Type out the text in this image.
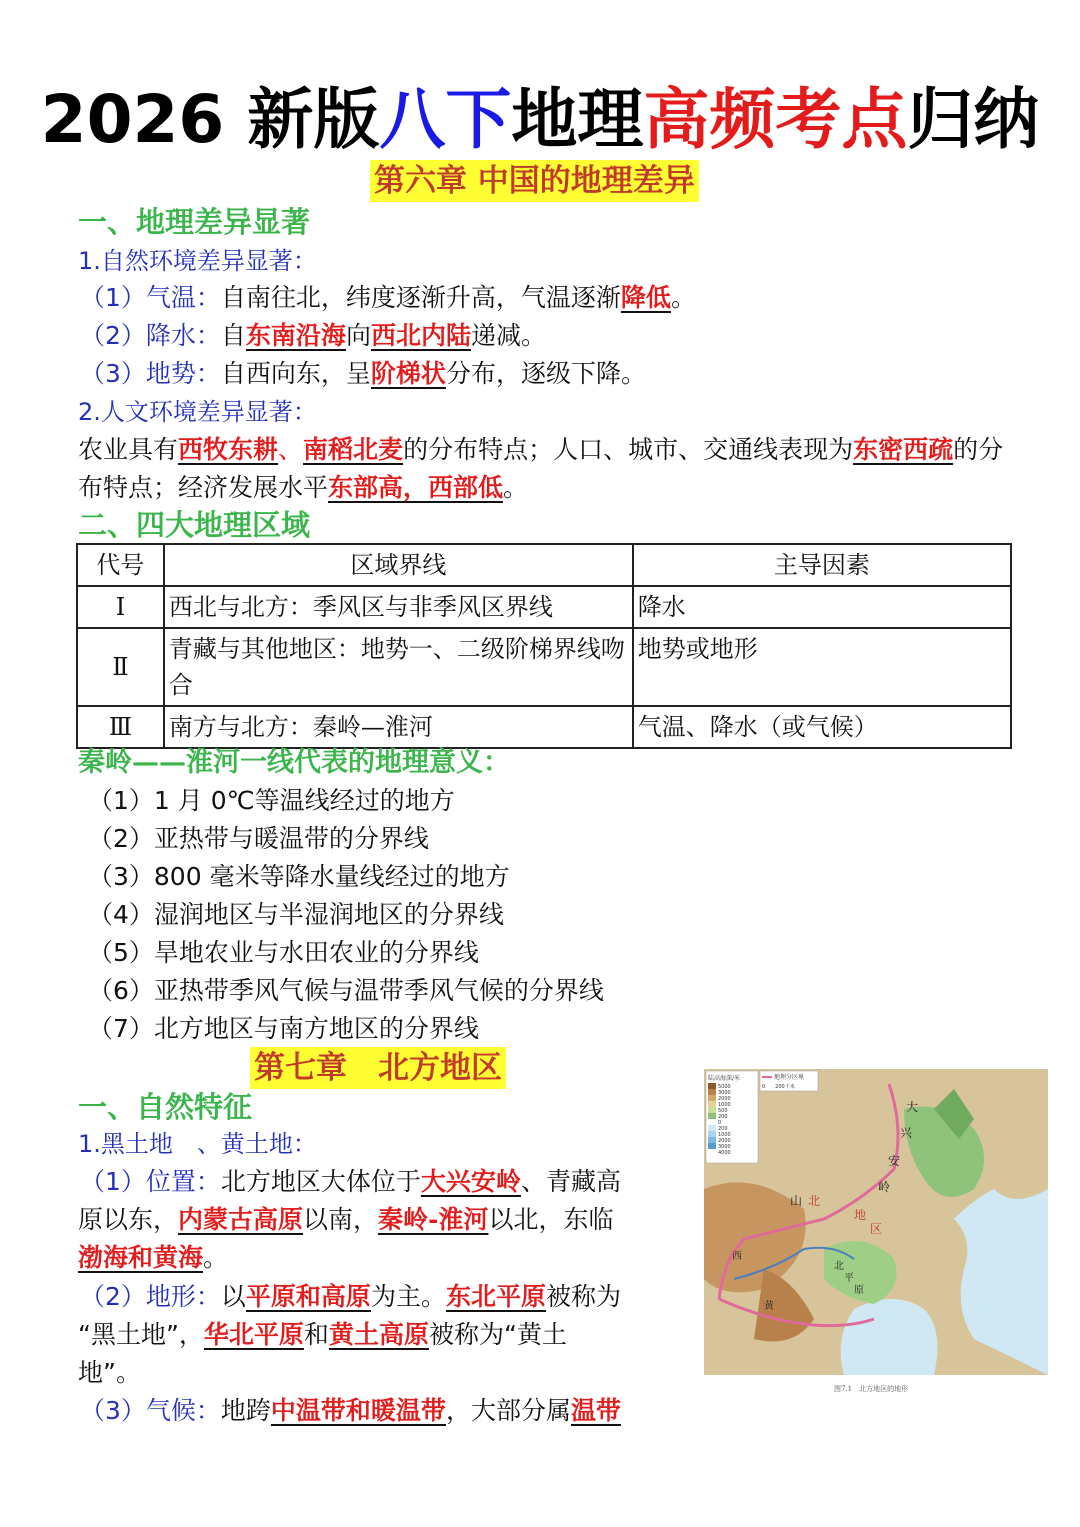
2026 新版八下地理高频考点归纳
第六章 中国的地理差异
一、地理差异显著
1.自然环境差异显著：
（1）气温：自南往北，纬度逐渐升高，气温逐渐降低。
（2）降水：自东南沿海向西北内陆递减。
（3）地势：自西向东，呈阶梯状分布，逐级下降。
2.人文环境差异显著：
农业具有西牧东耕、南稻北麦的分布特点；人口、城市、交通线表现为东密西疏的分布特点；经济发展水平东部高，西部低。
二、四大地理区域
代号	区域界线	主导因素
Ⅰ	西北与北方：季风区与非季风区界线	降水
Ⅱ	青藏与其他地区：地势一、二级阶梯界线吻合	地势或地形
Ⅲ	南方与北方：秦岭—淮河	气温、降水（或气候）
秦岭——淮河一线代表的地理意义：
（1）1 月 0℃等温线经过的地方
（2）亚热带与暖温带的分界线
（3）800 毫米等降水量线经过的地方
（4）湿润地区与半湿润地区的分界线
（5）旱地农业与水田农业的分界线
（6）亚热带季风气候与温带季风气候的分界线
（7）北方地区与南方地区的分界线
第七章　北方地区
一、自然特征
1.黑土地　、黄土地：
（1）位置：北方地区大体位于大兴安岭、青藏高
原以东，内蒙古高原以南，秦岭-淮河以北，东临
渤海和黄海。
（2）地形：以平原和高原为主。东北平原被称为
“黑土地”，华北平原和黄土高原被称为“黄土
地”。
（3）气候：地跨中温带和暖温带，大部分属温带
陆高海深/米
5000
3000
2000
1000
500
200
0
200
1000
2000
3000
4000
地理分区界
0　　200千米
大
兴
安
岭
山 北
地
区
西
北
平
原
黄
图7.1　北方地区的地形
